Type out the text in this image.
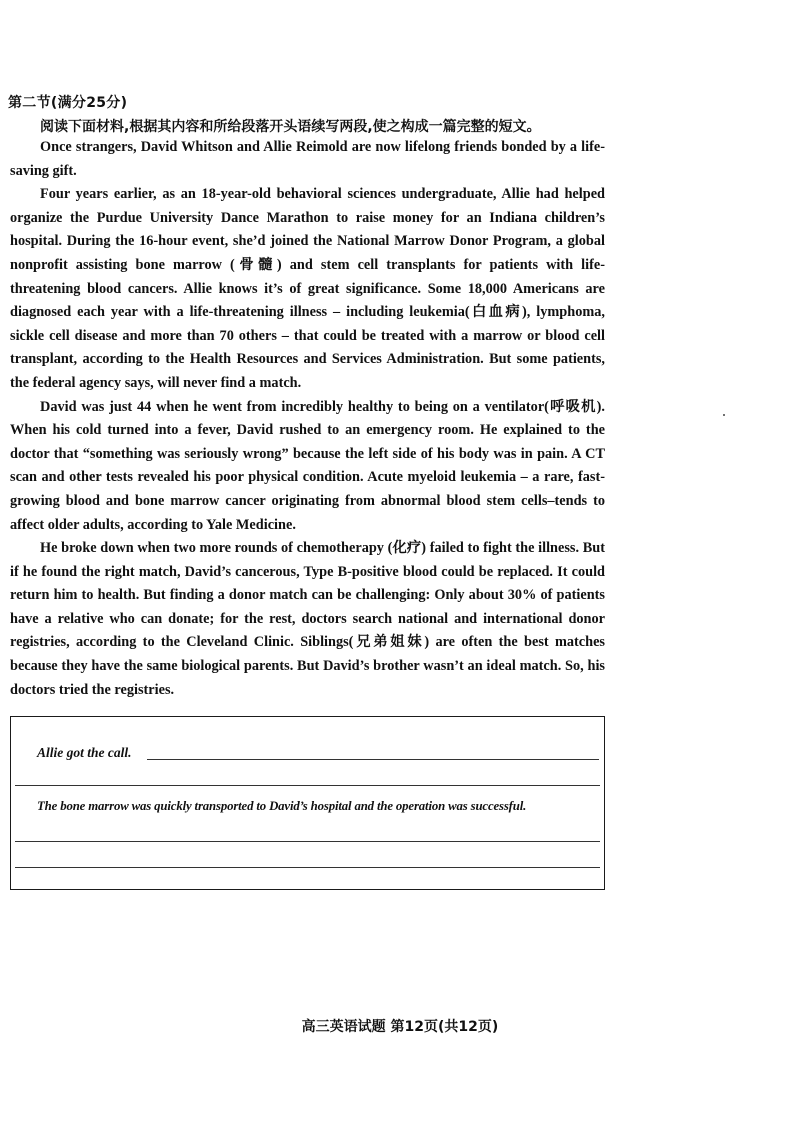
第二节(满分25分)
阅读下面材料,根据其内容和所给段落开头语续写两段,使之构成一篇完整的短文。

Once strangers, David Whitson and Allie Reimold are now lifelong friends bonded by a life-saving gift.

Four years earlier, as an 18-year-old behavioral sciences undergraduate, Allie had helped organize the Purdue University Dance Marathon to raise money for an Indiana children’s hospital. During the 16-hour event, she’d joined the National Marrow Donor Program, a global nonprofit assisting bone marrow (骨髓) and stem cell transplants for patients with life-threatening blood cancers. Allie knows it’s of great significance. Some 18,000 Americans are diagnosed each year with a life-threatening illness – including leukemia(白血病), lymphoma, sickle cell disease and more than 70 others – that could be treated with a marrow or blood cell transplant, according to the Health Resources and Services Administration. But some patients, the federal agency says, will never find a match.

David was just 44 when he went from incredibly healthy to being on a ventilator(呼吸机). When his cold turned into a fever, David rushed to an emergency room. He explained to the doctor that “something was seriously wrong” because the left side of his body was in pain. A CT scan and other tests revealed his poor physical condition. Acute myeloid leukemia – a rare, fast-growing blood and bone marrow cancer originating from abnormal blood stem cells–tends to affect older adults, according to Yale Medicine.

He broke down when two more rounds of chemotherapy (化疗) failed to fight the illness. But if he found the right match, David’s cancerous, Type B-positive blood could be replaced. It could return him to health. But finding a donor match can be challenging: Only about 30% of patients have a relative who can donate; for the rest, doctors search national and international donor registries, according to the Cleveland Clinic. Siblings(兄弟姐妹) are often the best matches because they have the same biological parents. But David’s brother wasn’t an ideal match. So, his doctors tried the registries.

Allie got the call.
The bone marrow was quickly transported to David’s hospital and the operation was successful.
高三英语试题 第12页(共12页)
